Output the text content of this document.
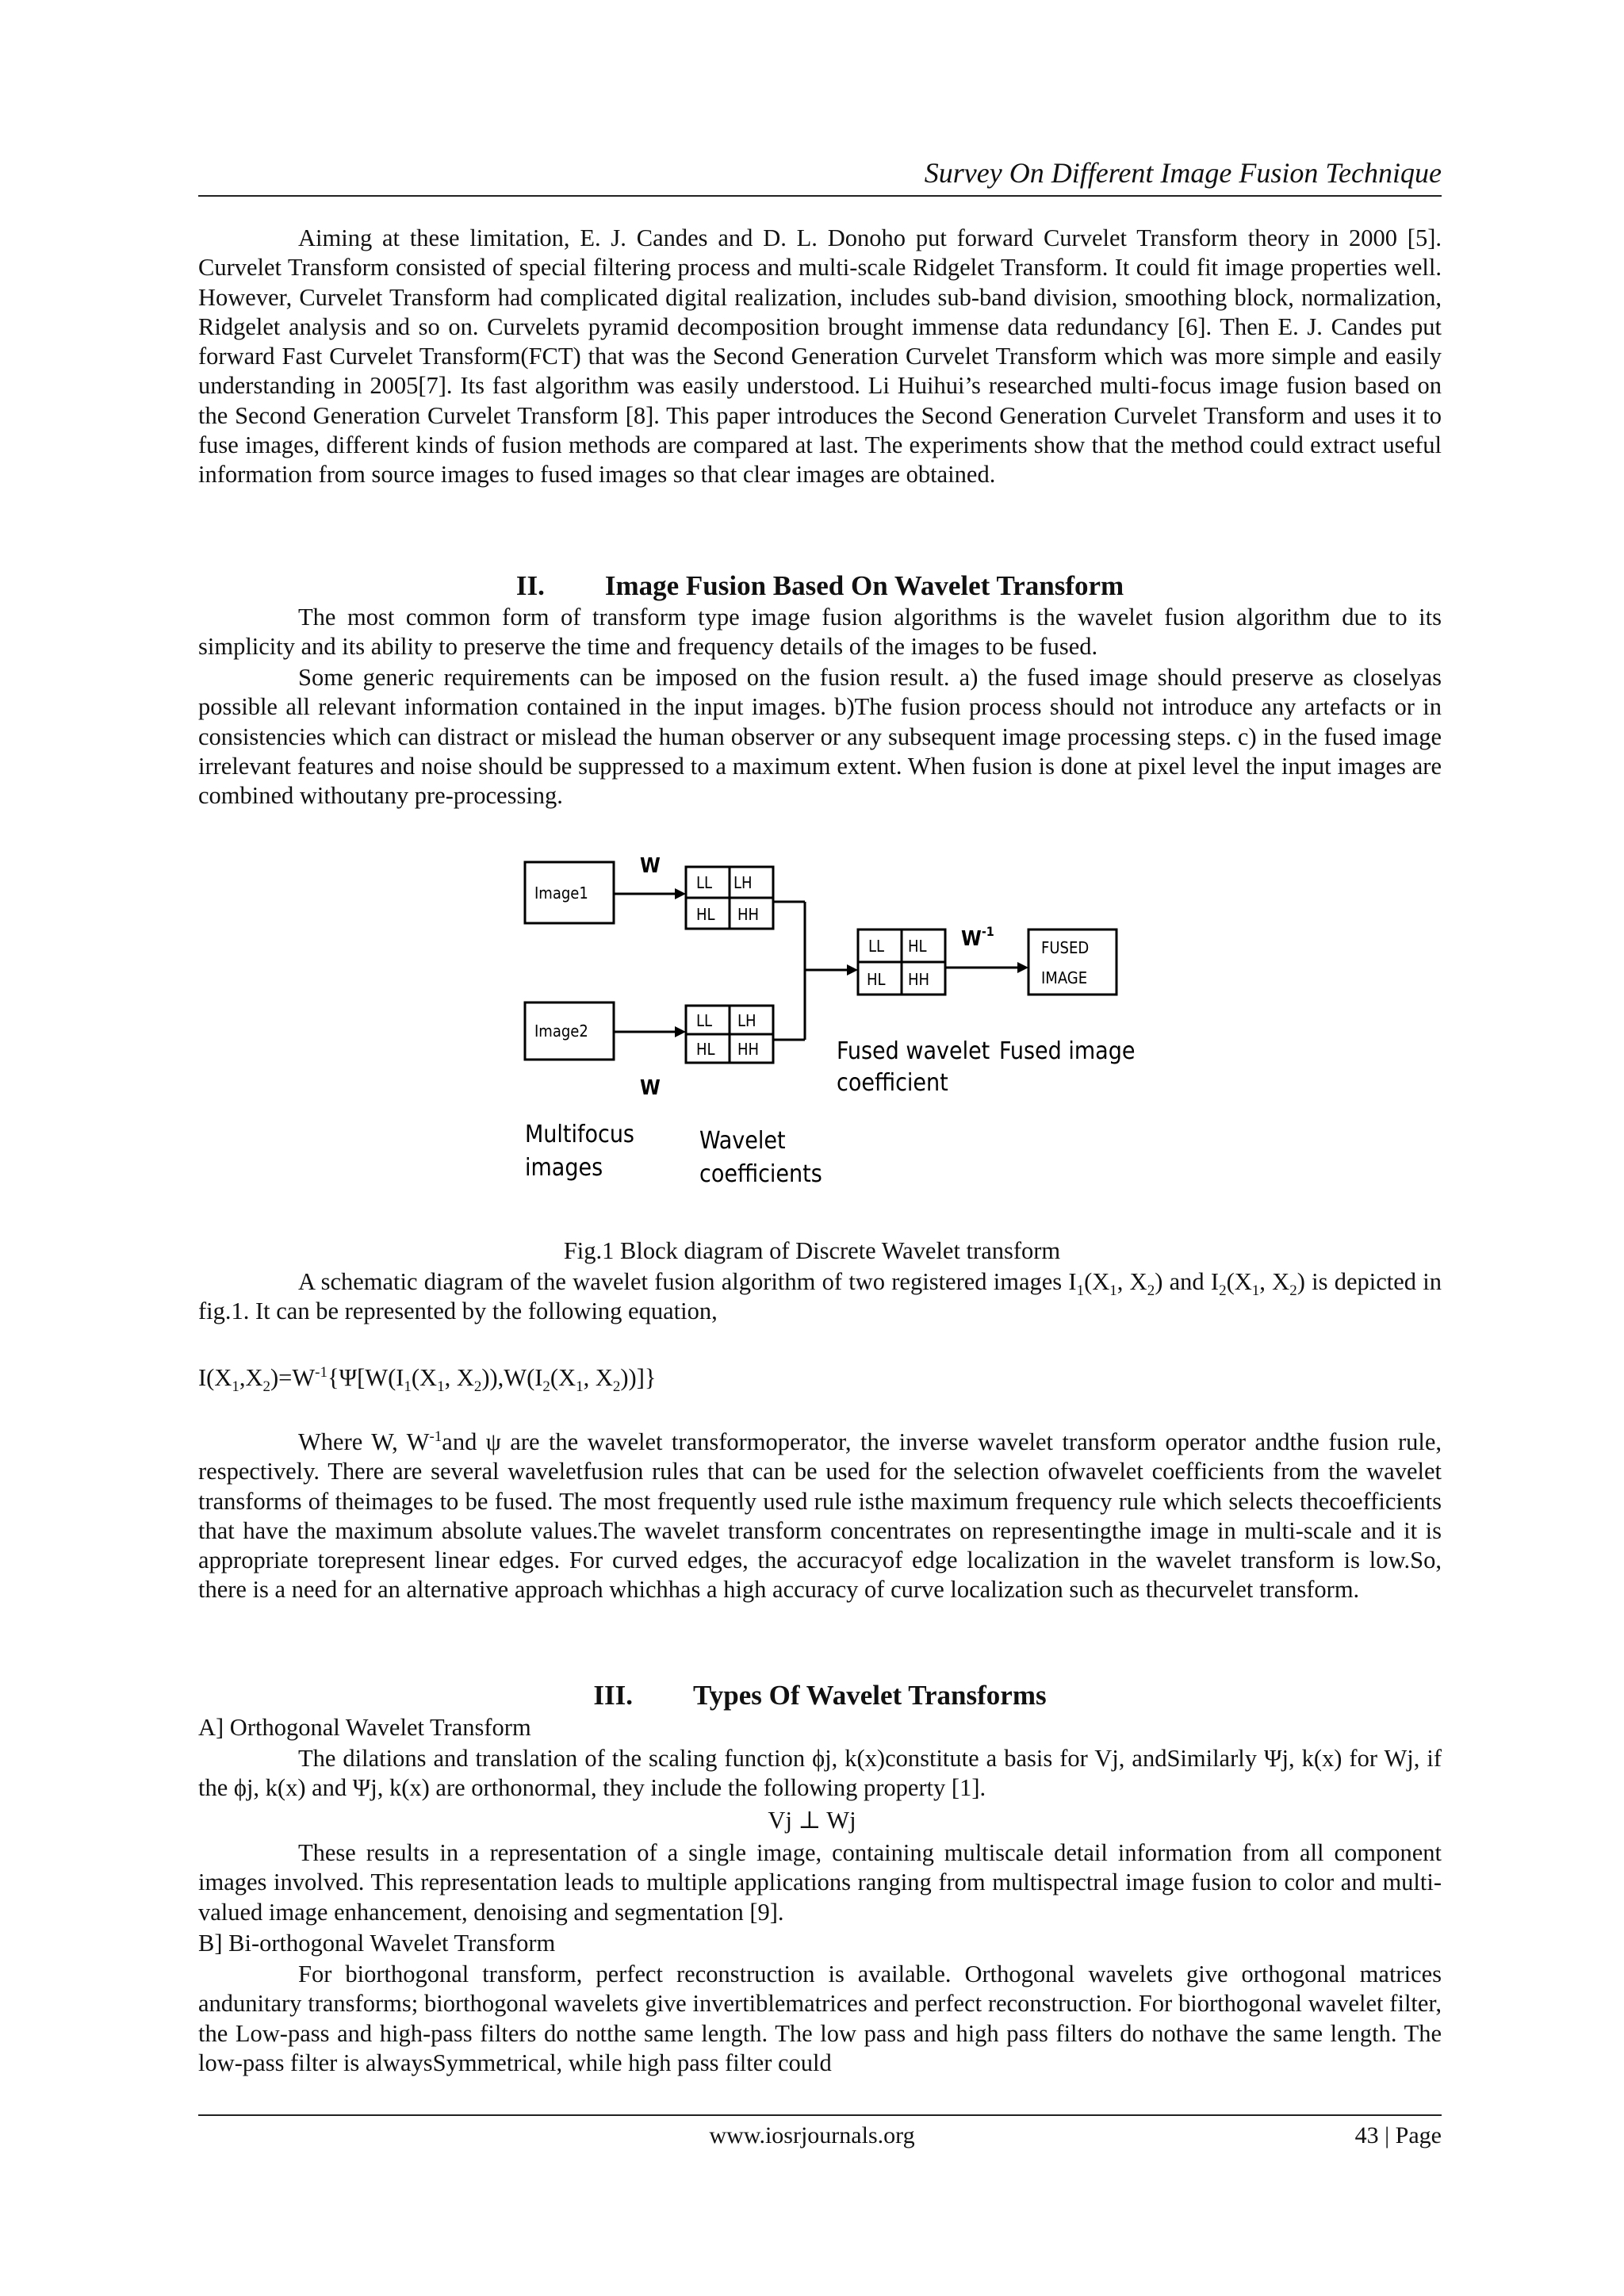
Survey On Different Image Fusion Technique
Aiming at these limitation, E. J. Candes and D. L. Donoho put forward Curvelet Transform theory in 2000 [5]. Curvelet Transform consisted of special filtering process and multi-scale Ridgelet Transform. It could fit image properties well. However, Curvelet Transform had complicated digital realization, includes sub-band division, smoothing block, normalization, Ridgelet analysis and so on. Curvelets pyramid decomposition brought immense data redundancy [6]. Then E. J. Candes put forward Fast Curvelet Transform(FCT) that was the Second Generation Curvelet Transform which was more simple and easily understanding in 2005[7]. Its fast algorithm was easily understood. Li Huihui’s researched multi-focus image fusion based on the Second Generation Curvelet Transform [8]. This paper introduces the Second Generation Curvelet Transform and uses it to fuse images, different kinds of fusion methods are compared at last. The experiments show that the method could extract useful information from source images to fused images so that clear images are obtained.
II. Image Fusion Based On Wavelet Transform
The most common form of transform type image fusion algorithms is the wavelet fusion algorithm due to its simplicity and its ability to preserve the time and frequency details of the images to be fused.
Some generic requirements can be imposed on the fusion result. a) the fused image should preserve as closelyas possible all relevant information contained in the input images. b)The fusion process should not introduce any artefacts or in consistencies which can distract or mislead the human observer or any subsequent image processing steps. c) in the fused image irrelevant features and noise should be suppressed to a maximum extent. When fusion is done at pixel level the input images are combined withoutany pre-processing.
Image1
Image2
W
W
$W^{-1}$
LL LH
HL HH
LL LH
HL HH
LL HL
HL HH
FUSED
IMAGE
Multifocus
images
Wavelet
coefficients
Fused wavelet
coefficient
Fused image
Fig.1 Block diagram of Discrete Wavelet transform
A schematic diagram of the wavelet fusion algorithm of two registered images $I_1(X_1$, $X_2$) and $I_2(X_1$, $X_2$) is depicted in fig.1. It can be represented by the following equation,
$I(X_1,X_2)=W^{-1}\{\Psi[W(I_1(X_1$, $X_2)),W(I_2(X_1$, $X_2$))]}
Where W, $W^{-1}and$ ψ are the wavelet transformoperator, the inverse wavelet transform operator andthe fusion rule, respectively. There are several waveletfusion rules that can be used for the selection ofwavelet coefficients from the wavelet transforms of theimages to be fused. The most frequently used rule isthe maximum frequency rule which selects thecoefficients that have the maximum absolute values.The wavelet transform concentrates on representingthe image in multi-scale and it is appropriate torepresent linear edges. For curved edges, the accuracyof edge localization in the wavelet transform is low.So, there is a need for an alternative approach whichhas a high accuracy of curve localization such as thecurvelet transform.
III. Types Of Wavelet Transforms
A] Orthogonal Wavelet Transform
The dilations and translation of the scaling function ϕj, k(x)constitute a basis for Vj, andSimilarly Ψj, k(x) for Wj, if the ϕj, k(x) and Ψj, k(x) are orthonormal, they include the following property [1].
Vj ⊥ Wj
These results in a representation of a single image, containing multiscale detail information from all component images involved. This representation leads to multiple applications ranging from multispectral image fusion to color and multi-valued image enhancement, denoising and segmentation [9].
B] Bi-orthogonal Wavelet Transform
For biorthogonal transform, perfect reconstruction is available. Orthogonal wavelets give orthogonal matrices andunitary transforms; biorthogonal wavelets give invertiblematrices and perfect reconstruction. For biorthogonal wavelet filter, the Low-pass and high-pass filters do notthe same length. The low pass and high pass filters do nothave the same length. The low-pass filter is alwaysSymmetrical, while high pass filter could
www.iosrjournals.org	43 | Page
